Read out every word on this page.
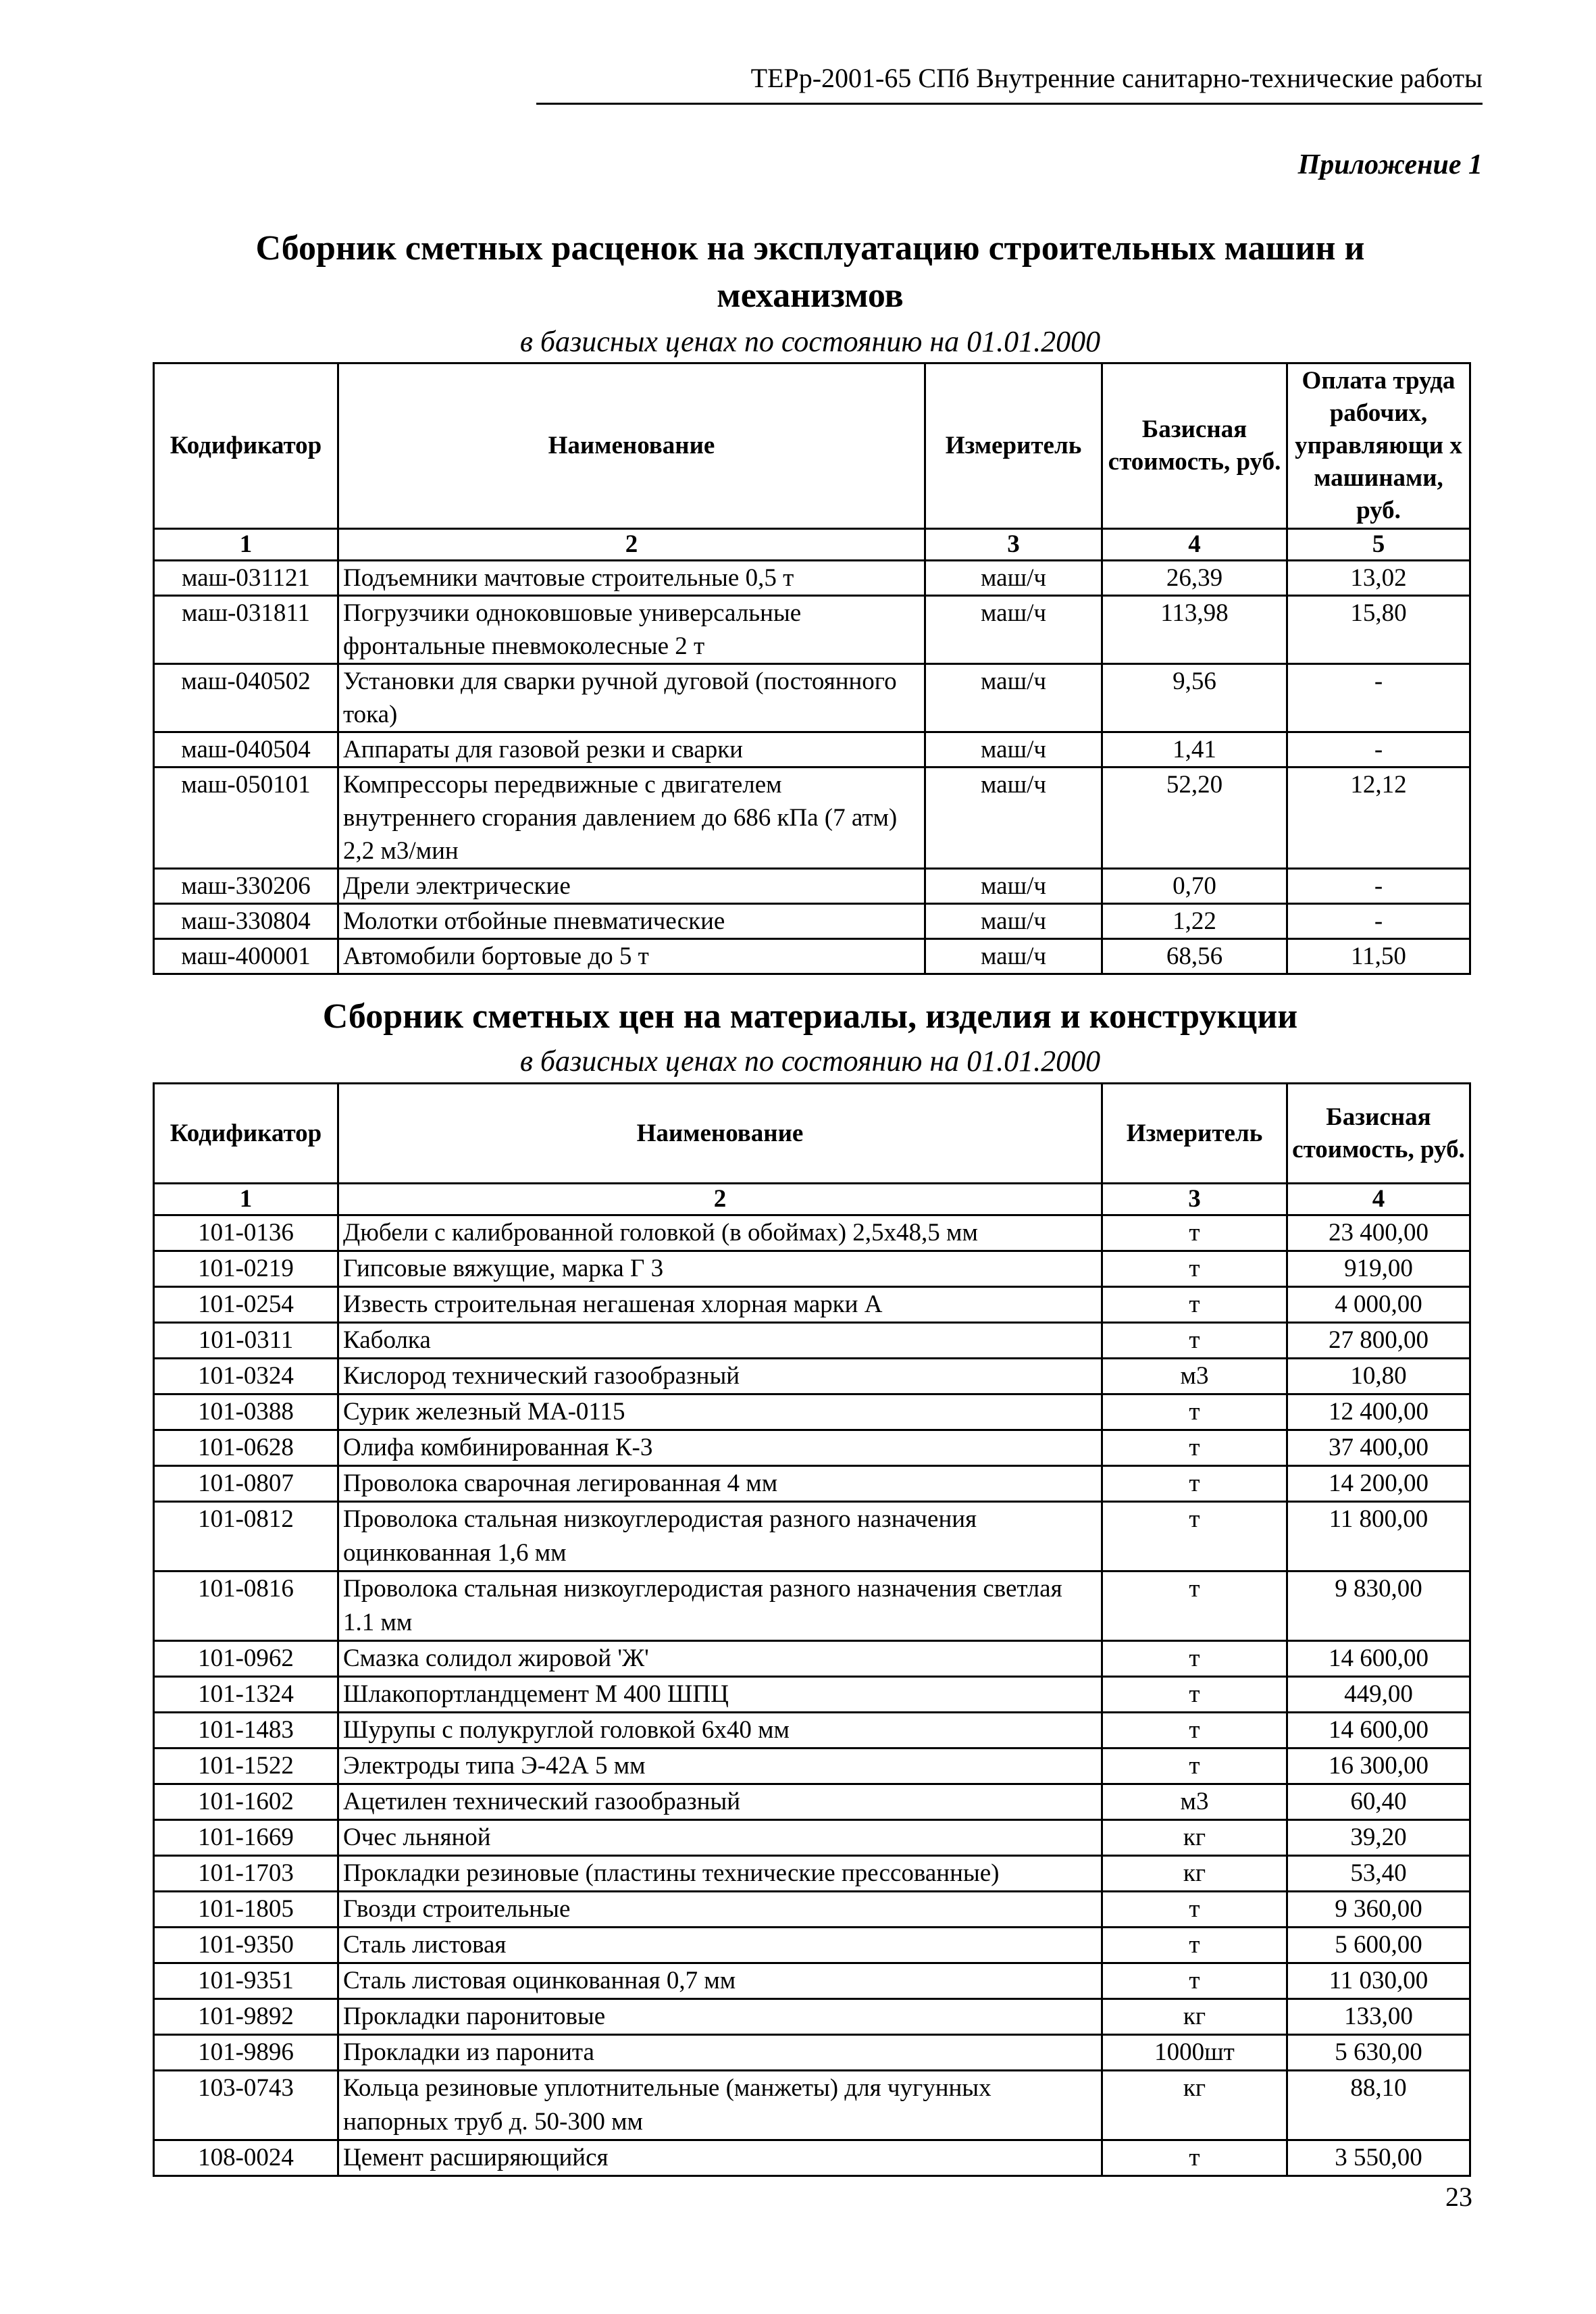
ТЕРр-2001-65 СПб Внутренние санитарно-технические работы
Приложение 1
Сборник сметных расценок на эксплуатацию строительных машин и
механизмов
в базисных ценах по состоянию на 01.01.2000
Кодификатор	Наименование	Измеритель	Базисная стоимость, руб.	Оплата труда рабочих, управляющи х машинами, руб.
1	2	3	4	5
маш-031121	Подъемники мачтовые строительные 0,5 т	маш/ч	26,39	13,02
маш-031811	Погрузчики одноковшовые универсальные фронтальные пневмоколесные 2 т	маш/ч	113,98	15,80
маш-040502	Установки для сварки ручной дуговой (постоянного тока)	маш/ч	9,56	-
маш-040504	Аппараты для газовой резки и сварки	маш/ч	1,41	-
маш-050101	Компрессоры передвижные с двигателем внутреннего сгорания давлением до 686 кПа (7 атм) 2,2 м3/мин	маш/ч	52,20	12,12
маш-330206	Дрели электрические	маш/ч	0,70	-
маш-330804	Молотки отбойные пневматические	маш/ч	1,22	-
маш-400001	Автомобили бортовые до 5 т	маш/ч	68,56	11,50
Сборник сметных цен на материалы, изделия и конструкции
в базисных ценах по состоянию на 01.01.2000
Кодификатор	Наименование	Измеритель	Базисная стоимость, руб.
1	2	3	4
101-0136	Дюбели с калиброванной головкой (в обоймах) 2,5х48,5 мм	т	23 400,00
101-0219	Гипсовые вяжущие, марка Г 3	т	919,00
101-0254	Известь строительная негашеная хлорная марки А	т	4 000,00
101-0311	Каболка	т	27 800,00
101-0324	Кислород технический газообразный	м3	10,80
101-0388	Сурик железный МА-0115	т	12 400,00
101-0628	Олифа комбинированная К-3	т	37 400,00
101-0807	Проволока сварочная легированная 4 мм	т	14 200,00
101-0812	Проволока стальная низкоуглеродистая разного назначения оцинкованная 1,6 мм	т	11 800,00
101-0816	Проволока стальная низкоуглеродистая разного назначения светлая 1.1 мм	т	9 830,00
101-0962	Смазка солидол жировой 'Ж'	т	14 600,00
101-1324	Шлакопортландцемент М 400 ШПЦ	т	449,00
101-1483	Шурупы с полукруглой головкой 6х40 мм	т	14 600,00
101-1522	Электроды типа Э-42А 5 мм	т	16 300,00
101-1602	Ацетилен технический газообразный	м3	60,40
101-1669	Очес льняной	кг	39,20
101-1703	Прокладки резиновые (пластины технические прессованные)	кг	53,40
101-1805	Гвозди строительные	т	9 360,00
101-9350	Сталь листовая	т	5 600,00
101-9351	Сталь листовая оцинкованная 0,7 мм	т	11 030,00
101-9892	Прокладки паронитовые	кг	133,00
101-9896	Прокладки из паронита	1000шт	5 630,00
103-0743	Кольца резиновые уплотнительные (манжеты) для чугунных напорных труб д. 50-300 мм	кг	88,10
108-0024	Цемент расширяющийся	т	3 550,00
23
